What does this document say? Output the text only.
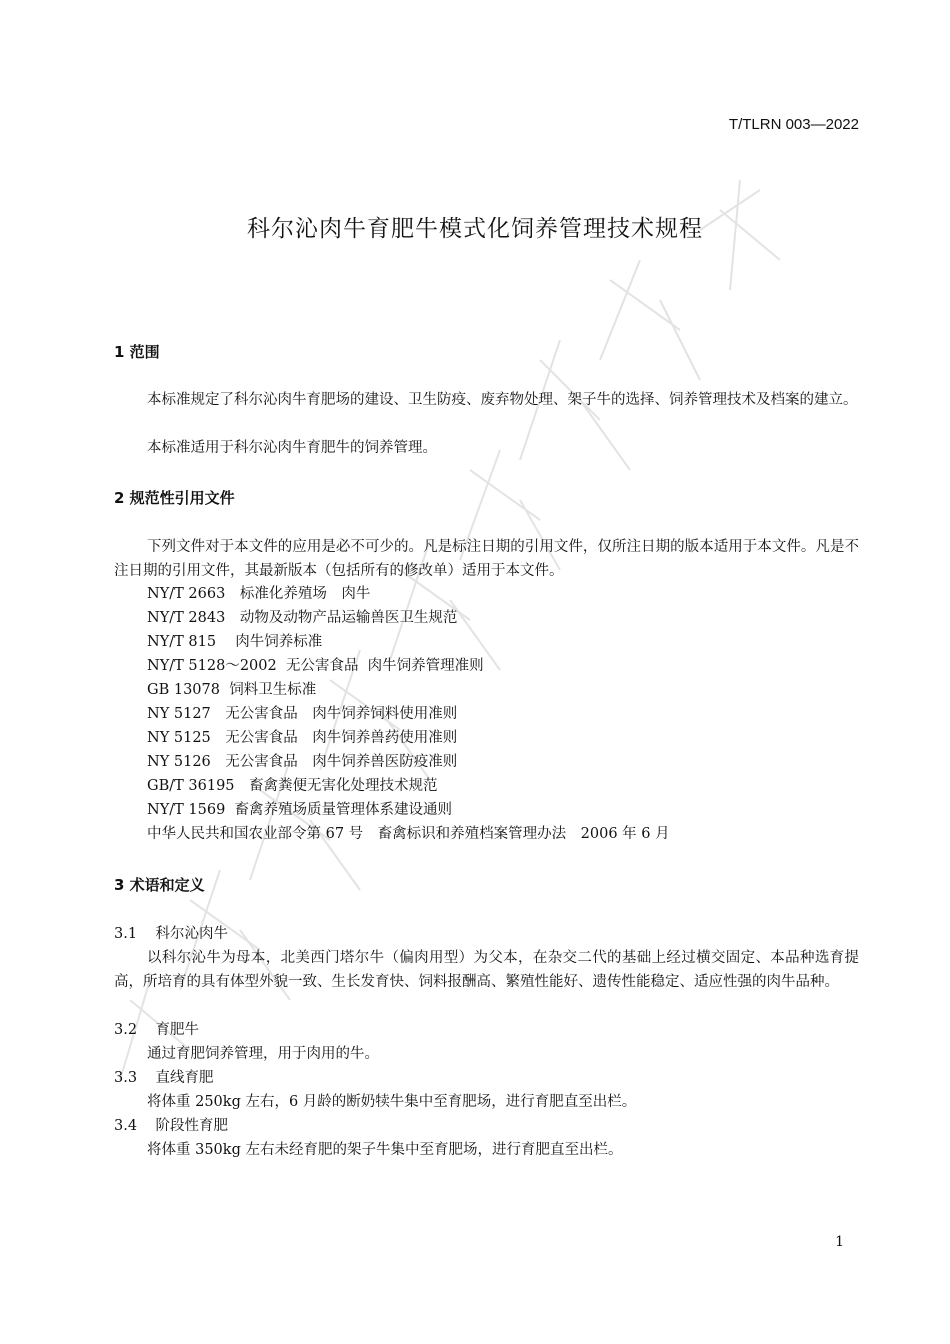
T/TLRN 003—2022
科尔沁肉牛育肥牛模式化饲养管理技术规程
1 范围
本标准规定了科尔沁肉牛育肥场的建设、卫生防疫、废弃物处理、架子牛的选择、饲养管理技术及档案的建立。
本标准适用于科尔沁肉牛育肥牛的饲养管理。
2 规范性引用文件
下列文件对于本文件的应用是必不可少的。凡是标注日期的引用文件，仅所注日期的版本适用于本文件。凡是不注日期的引用文件，其最新版本（包括所有的修改单）适用于本文件。
NY/T 2663　标准化养殖场　肉牛
NY/T 2843　动物及动物产品运输兽医卫生规范
NY/T 815　 肉牛饲养标准
NY/T 5128～2002  无公害食品  肉牛饲养管理准则
GB 13078  饲料卫生标准
NY 5127　无公害食品　肉牛饲养饲料使用准则
NY 5125　无公害食品　肉牛饲养兽药使用准则
NY 5126　无公害食品　肉牛饲养兽医防疫准则
GB/T 36195　畜禽粪便无害化处理技术规范
NY/T 1569  畜禽养殖场质量管理体系建设通则
中华人民共和国农业部令第 67 号　畜禽标识和养殖档案管理办法　2006 年 6 月
3 术语和定义
3.1 科尔沁肉牛
以科尔沁牛为母本，北美西门塔尔牛（偏肉用型）为父本，在杂交二代的基础上经过横交固定、本品种选育提高，所培育的具有体型外貌一致、生长发育快、饲料报酬高、繁殖性能好、遗传性能稳定、适应性强的肉牛品种。
3.2 育肥牛
通过育肥饲养管理，用于肉用的牛。
3.3 直线育肥
将体重 250kg 左右，6 月龄的断奶犊牛集中至育肥场，进行育肥直至出栏。
3.4 阶段性育肥
将体重 350kg 左右未经育肥的架子牛集中至育肥场，进行育肥直至出栏。
1
